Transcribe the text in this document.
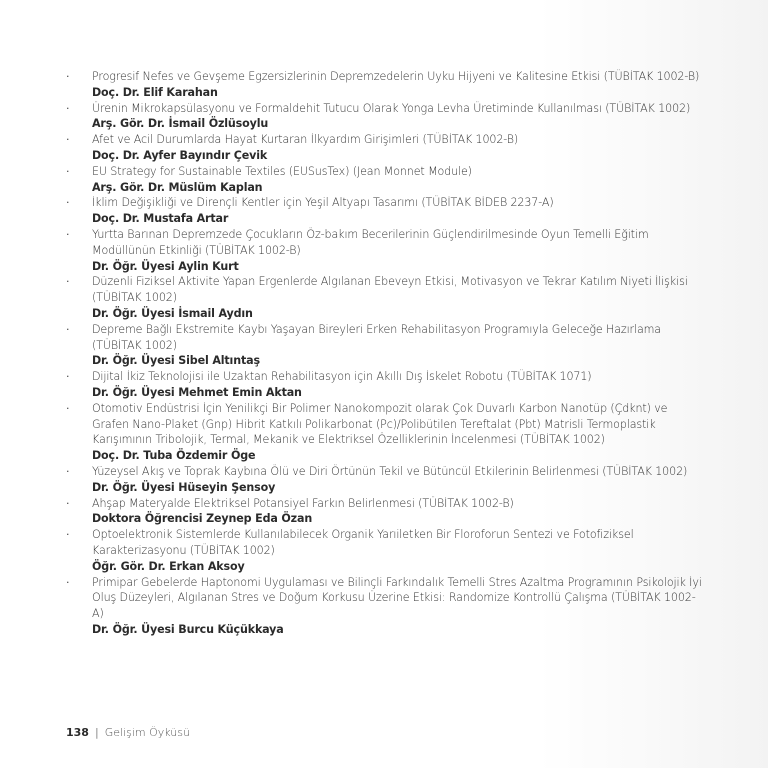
· Progresif Nefes ve Gevşeme Egzersizlerinin Depremzedelerin Uyku Hijyeni ve Kalitesine Etkisi (TÜBİTAK 1002-B)
Doç. Dr. Elif Karahan
· Ürenin Mikrokapsülasyonu ve Formaldehit Tutucu Olarak Yonga Levha Üretiminde Kullanılması (TÜBİTAK 1002)
Arş. Gör. Dr. İsmail Özlüsoylu
· Afet ve Acil Durumlarda Hayat Kurtaran İlkyardım Girişimleri (TÜBİTAK 1002-B)
Doç. Dr. Ayfer Bayındır Çevik
· EU Strategy for Sustainable Textiles (EUSusTex) (Jean Monnet Module)
Arş. Gör. Dr. Müslüm Kaplan
· İklim Değişikliği ve Dirençli Kentler için Yeşil Altyapı Tasarımı (TÜBİTAK BİDEB 2237-A)
Doç. Dr. Mustafa Artar
· Yurtta Barınan Depremzede Çocukların Öz-bakım Becerilerinin Güçlendirilmesinde Oyun Temelli Eğitim Modüllünün Etkinliği (TÜBİTAK 1002-B)
Dr. Öğr. Üyesi Aylin Kurt
· Düzenli Fiziksel Aktivite Yapan Ergenlerde Algılanan Ebeveyn Etkisi, Motivasyon ve Tekrar Katılım Niyeti İlişkisi (TÜBİTAK 1002)
Dr. Öğr. Üyesi İsmail Aydın
· Depreme Bağlı Ekstremite Kaybı Yaşayan Bireyleri Erken Rehabilitasyon Programıyla Geleceğe Hazırlama (TÜBİTAK 1002)
Dr. Öğr. Üyesi Sibel Altıntaş
· Dijital İkiz Teknolojisi ile Uzaktan Rehabilitasyon için Akıllı Dış İskelet Robotu (TÜBİTAK 1071)
Dr. Öğr. Üyesi Mehmet Emin Aktan
· Otomotiv Endüstrisi İçin Yenilikçi Bir Polimer Nanokompozit olarak Çok Duvarlı Karbon Nanotüp (Çdknt) ve Grafen Nano-Plaket (Gnp) Hibrit Katkılı Polikarbonat (Pc)/Polibütilen Tereftalat (Pbt) Matrisli Termoplastik Karışımının Tribolojik, Termal, Mekanik ve Elektriksel Özelliklerinin İncelenmesi (TÜBİTAK 1002)
Doç. Dr. Tuba Özdemir Öge
· Yüzeysel Akış ve Toprak Kaybına Ölü ve Diri Örtünün Tekil ve Bütüncül Etkilerinin Belirlenmesi (TÜBİTAK 1002)
Dr. Öğr. Üyesi Hüseyin Şensoy
· Ahşap Materyalde Elektriksel Potansiyel Farkın Belirlenmesi (TÜBİTAK 1002-B)
Doktora Öğrencisi Zeynep Eda Özan
· Optoelektronik Sistemlerde Kullanılabilecek Organik Yarıiletken Bir Floroforun Sentezi ve Fotofiziksel Karakterizasyonu (TÜBİTAK 1002)
Öğr. Gör. Dr. Erkan Aksoy
· Primipar Gebelerde Haptonomi Uygulaması ve Bilinçli Farkındalık Temelli Stres Azaltma Programının Psikolojik İyi Oluş Düzeyleri, Algılanan Stres ve Doğum Korkusu Üzerine Etkisi: Randomize Kontrollü Çalışma (TÜBİTAK 1002-A)
Dr. Öğr. Üyesi Burcu Küçükkaya
138 | Gelişim Öyküsü
